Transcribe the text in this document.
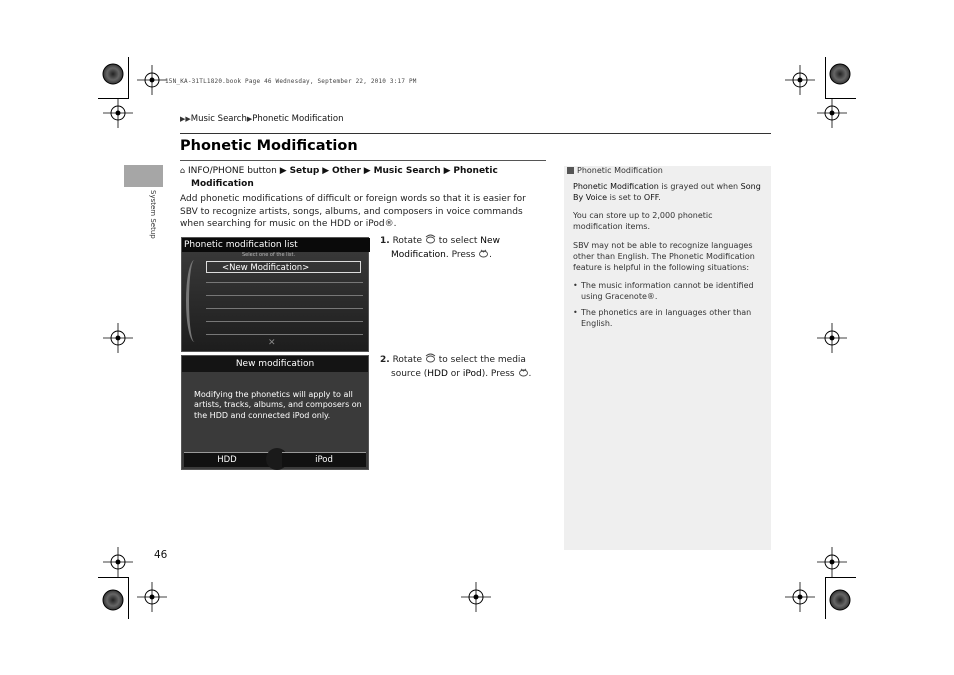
15N_KA-31TL1820.book Page 46 Wednesday, September 22, 2010 3:17 PM
▶▶Music Search▶Phonetic Modification
System Setup
Phonetic Modification
⌂ INFO/PHONE button ▶ Setup ▶ Other ▶ Music Search ▶ Phonetic
Modification
Add phonetic modifications of difficult or foreign words so that it is easier for SBV to recognize artists, songs, albums, and composers in voice commands when searching for music on the HDD or iPod®.
Phonetic modification list
Select one of the list.
<New Modification>
✕
1. Rotate to select New
Modification. Press .
New modification
Modifying the phonetics will apply to all artists, tracks, albums, and composers on the HDD and connected iPod only.
HDD	iPod
2. Rotate to select the media
source (HDD or iPod). Press .
Phonetic Modification
Phonetic Modification is grayed out when Song By Voice is set to OFF.
You can store up to 2,000 phonetic modification items.
SBV may not be able to recognize languages other than English. The Phonetic Modification feature is helpful in the following situations:
• The music information cannot be identified using Gracenote®.
• The phonetics are in languages other than English.
46
